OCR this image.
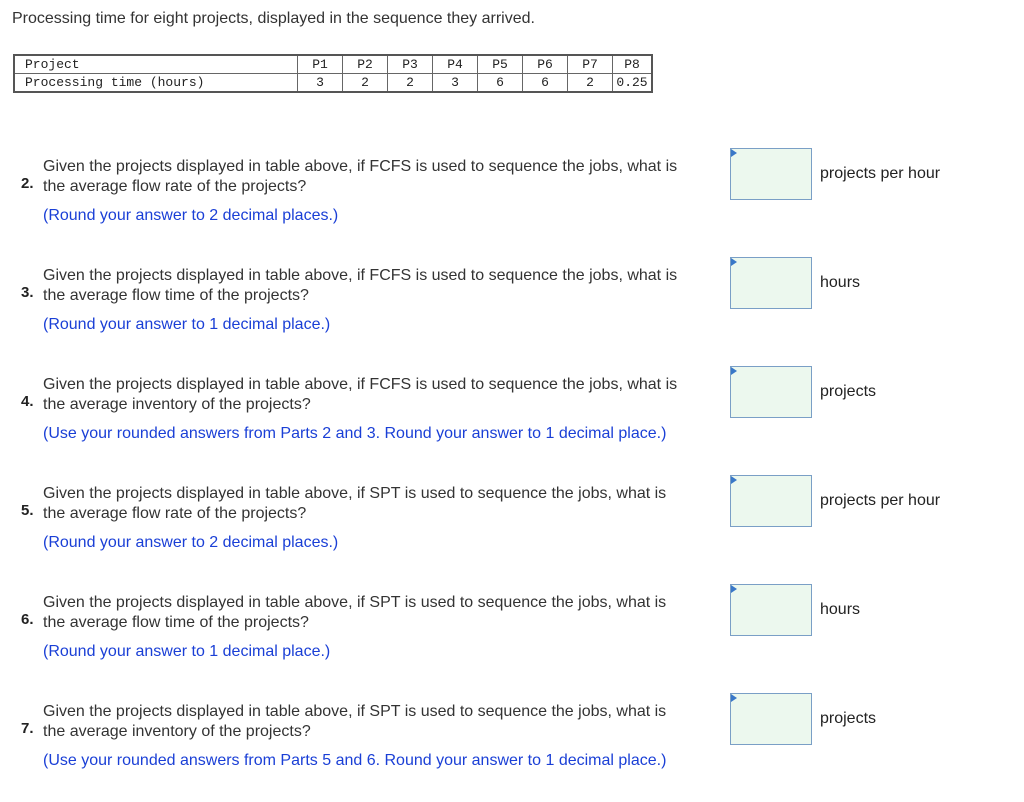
Processing time for eight projects, displayed in the sequence they arrived.
Project	P1	P2	P3	P4	P5	P6	P7	P8
Processing time (hours)	3	2	2	3	6	6	2	0.25
2.
Given the projects displayed in table above, if FCFS is used to sequence the jobs, what is
the average flow rate of the projects?
(Round your answer to 2 decimal places.)
projects per hour
3.
Given the projects displayed in table above, if FCFS is used to sequence the jobs, what is
the average flow time of the projects?
(Round your answer to 1 decimal place.)
hours
4.
Given the projects displayed in table above, if FCFS is used to sequence the jobs, what is
the average inventory of the projects?
(Use your rounded answers from Parts 2 and 3. Round your answer to 1 decimal place.)
projects
5.
Given the projects displayed in table above, if SPT is used to sequence the jobs, what is
the average flow rate of the projects?
(Round your answer to 2 decimal places.)
projects per hour
6.
Given the projects displayed in table above, if SPT is used to sequence the jobs, what is
the average flow time of the projects?
(Round your answer to 1 decimal place.)
hours
7.
Given the projects displayed in table above, if SPT is used to sequence the jobs, what is
the average inventory of the projects?
(Use your rounded answers from Parts 5 and 6. Round your answer to 1 decimal place.)
projects
